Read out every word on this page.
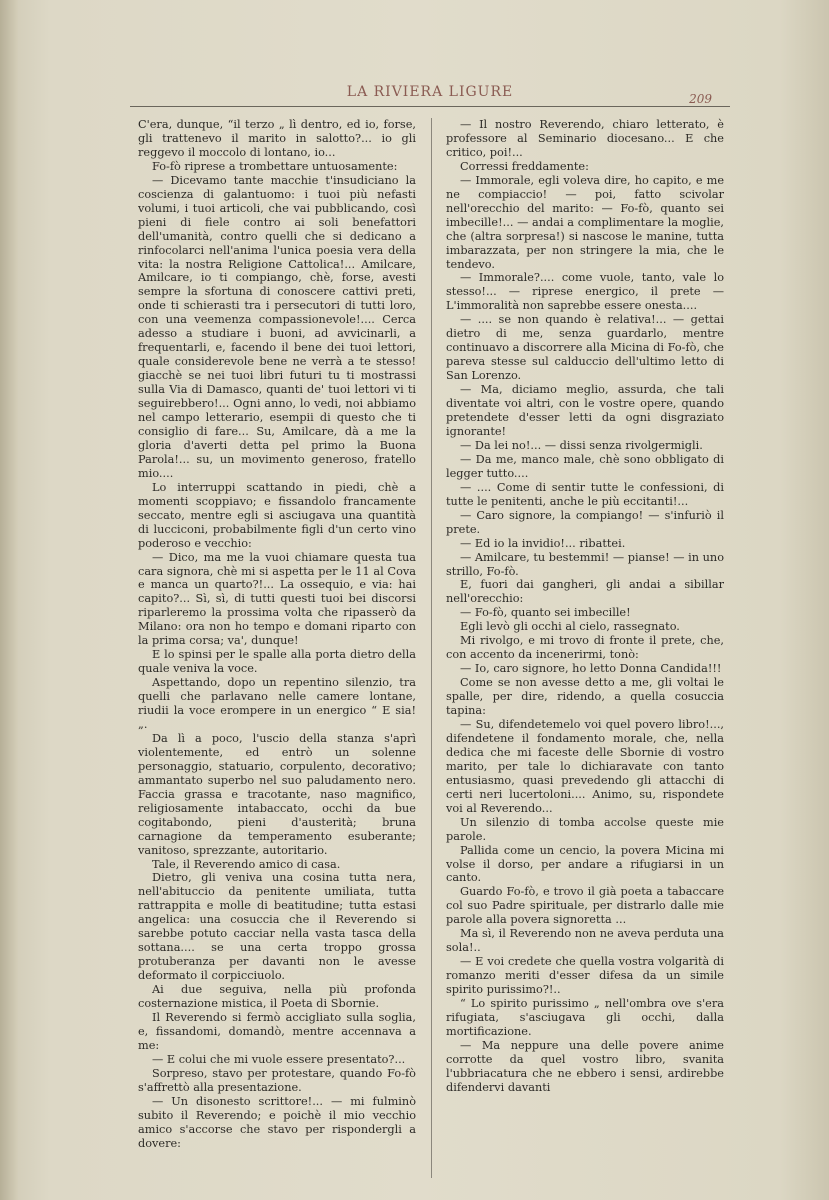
LA RIVIERA LIGURE	209

C'era, dunque, “il terzo „ lì dentro, ed io, forse, gli trattenevo il marito in salotto?... io gli reggevo il moccolo di lontano, io...

Fo-fò riprese a trombettare untuosamente:

— Dicevamo tante macchie t'insudiciano la coscienza di galantuomo: i tuoi più nefasti volumi, i tuoi articoli, che vai pubblicando, così pieni di fiele contro ai soli benefattori dell'umanità, contro quelli che si dedicano a rinfocolarci nell'anima l'unica poesia vera della vita: la nostra Religione Cattolica!... Amilcare, Amilcare, io ti compiango, chè, forse, avesti sempre la sfortuna di conoscere cattivi preti, onde ti schierasti tra i persecutori di tutti loro, con una veemenza compassionevole!.... Cerca adesso a studiare i buoni, ad avvicinarli, a frequentarli, e, facendo il bene dei tuoi lettori, quale considerevole bene ne verrà a te stesso! giacchè se nei tuoi libri futuri tu ti mostrassi sulla Via di Damasco, quanti de' tuoi lettori vi ti seguirebbero!... Ogni anno, lo vedi, noi abbiamo nel campo letterario, esempii di questo che ti consiglio di fare... Su, Amilcare, dà a me la gloria d'averti detta pel primo la Buona Parola!... su, un movimento generoso, fratello mio....

Lo interruppi scattando in piedi, chè a momenti scoppiavo; e fissandolo francamente seccato, mentre egli si asciugava una quantità di lucciconi, probabilmente figli d'un certo vino poderoso e vecchio:

— Dico, ma me la vuoi chiamare questa tua cara signora, chè mi si aspetta per le 11 al Cova e manca un quarto?!... La ossequio, e via: hai capito?... Sì, sì, di tutti questi tuoi bei discorsi riparleremo la prossima volta che ripasserò da Milano: ora non ho tempo e domani riparto con la prima corsa; va', dunque!

E lo spinsi per le spalle alla porta dietro della quale veniva la voce.

Aspettando, dopo un repentino silenzio, tra quelli che parlavano nelle camere lontane, riudii la voce erompere in un energico “ E sia! „.

Da lì a poco, l'uscio della stanza s'aprì violentemente, ed entrò un solenne personaggio, statuario, corpulento, decorativo; ammantato superbo nel suo paludamento nero. Faccia grassa e tracotante, naso magnifico, religiosamente intabaccato, occhi da bue cogitabondo, pieni d'austerità; bruna carnagione da temperamento esuberante; vanitoso, sprezzante, autoritario.

Tale, il Reverendo amico di casa.

Dietro, gli veniva una cosina tutta nera, nell'abituccio da penitente umiliata, tutta rattrappita e molle di beatitudine; tutta estasi angelica: una cosuccia che il Reverendo si sarebbe potuto cacciar nella vasta tasca della sottana.... se una certa troppo grossa protuberanza per davanti non le avesse deformato il corpicciuolo.

Ai due seguiva, nella più profonda costernazione mistica, il Poeta di Sbornie.

Il Reverendo si fermò accigliato sulla soglia, e, fissandomi, domandò, mentre accennava a me:

— E colui che mi vuole essere presentato?...

Sorpreso, stavo per protestare, quando Fo-fò s'affrettò alla presentazione.

— Un disonesto scrittore!... — mi fulminò subito il Reverendo; e poichè il mio vecchio amico s'accorse che stavo per rispondergli a dovere:

— Il nostro Reverendo, chiaro letterato, è professore al Seminario diocesano... E che critico, poi!...

Corressi freddamente:

— Immorale, egli voleva dire, ho capito, e me ne compiaccio! — poi, fatto scivolar nell'orecchio del marito: — Fo-fò, quanto sei imbecille!... — andai a complimentare la moglie, che (altra sorpresa!) si nascose le manine, tutta imbarazzata, per non stringere la mia, che le tendevo.

— Immorale?.... come vuole, tanto, vale lo stesso!... — riprese energico, il prete — L'immoralità non saprebbe essere onesta....

— .... se non quando è relativa!... — gettai dietro di me, senza guardarlo, mentre continuavo a discorrere alla Micina di Fo-fò, che pareva stesse sul calduccio dell'ultimo letto di San Lorenzo.

— Ma, diciamo meglio, assurda, che tali diventate voi altri, con le vostre opere, quando pretendete d'esser letti da ogni disgraziato ignorante!

— Da lei no!... — dissi senza rivolgermigli.

— Da me, manco male, chè sono obbligato di legger tutto....

— .... Come di sentir tutte le confessioni, di tutte le penitenti, anche le più eccitanti!...

— Caro signore, la compiango! — s'infuriò il prete.

— Ed io la invidio!... ribattei.

— Amilcare, tu bestemmi! — pianse! — in uno strillo, Fo-fò.

E, fuori dai gangheri, gli andai a sibillar nell'orecchio:

— Fo-fò, quanto sei imbecille!

Egli levò gli occhi al cielo, rassegnato.

Mi rivolgo, e mi trovo di fronte il prete, che, con accento da incenerirmi, tonò:

— Io, caro signore, ho letto Donna Candida!!!

Come se non avesse detto a me, gli voltai le spalle, per dire, ridendo, a quella cosuccia tapina:

— Su, difendetemelo voi quel povero libro!..., difendetene il fondamento morale, che, nella dedica che mi faceste delle Sbornie di vostro marito, per tale lo dichiaravate con tanto entusiasmo, quasi prevedendo gli attacchi di certi neri lucertoloni.... Animo, su, rispondete voi al Reverendo...

Un silenzio di tomba accolse queste mie parole.

Pallida come un cencio, la povera Micina mi volse il dorso, per andare a rifugiarsi in un canto.

Guardo Fo-fò, e trovo il già poeta a tabaccare col suo Padre spirituale, per distrarlo dalle mie parole alla povera signoretta ...

Ma sì, il Reverendo non ne aveva perduta una sola!..

— E voi credete che quella vostra volgarità di romanzo meriti d'esser difesa da un simile spirito purissimo?!..

“ Lo spirito purissimo „ nell'ombra ove s'era rifugiata, s'asciugava gli occhi, dalla mortificazione.

— Ma neppure una delle povere anime corrotte da quel vostro libro, svanita l'ubbriacatura che ne ebbero i sensi, ardirebbe difendervi davanti
